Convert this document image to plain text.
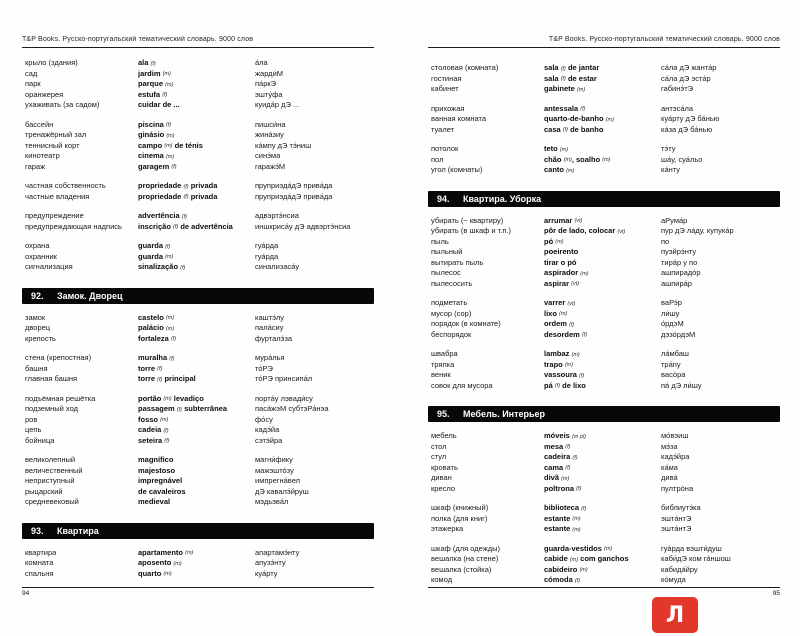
T&P Books. Русско-португальский тематический словарь. 9000 слов
крыло (здания)	ala (f)	а́ла
сад	jardim (m)	жарди́М
парк	parque (m)	па́ркЭ
оранжерея	estufa (f)	эшту́фа
ухаживать (за садом)	cuidar de ...	куида́р дЭ ...
бассейн	piscina (f)	пишси́на
тренажёрный зал	ginásio (m)	жина́зиу
теннисный корт	campo (m) de ténis	ка́мпу дЭ тэ́ниш
кинотеатр	cinema (m)	синэ́ма
гараж	garagem (f)	гаражэ́М
частная собственность	propriedade (f) privada	пруприэда́дЭ прива́да
частные владения	propriedade (f) privada	пруприэда́дЭ прива́да
предупреждение	advertência (f)	адвэртэ́нсиа
предупреждающая надпись	inscrição (f) de advertência	иншкриса́у дЭ адвэртэ́нсиа
охрана	guarda (f)	гуа́рда
охранник	guarda (m)	гуа́рда
сигнализация	sinalização (f)	синализаса́у
92.	Замок. Дворец
замок	castelo (m)	каштэ́лу
дворец	palácio (m)	пала́сиу
крепость	fortaleza (f)	фурталэ́за
стена (крепостная)	muralha (f)	мура́лья
башня	torre (f)	то́РЭ
главная башня	torre (f) principal	то́РЭ принсипа́л
подъёмная решётка	portão (m) levadiço	порта́у лэвади́су
подземный ход	passagem (f) subterrânea	паса́жэМ субтэРа́нэа
ров	fosso (m)	фо́су
цепь	cadeia (f)	кадэ́йа
бойница	seteira (f)	сэтэ́йра
великолепный	magnífico	магни́фику
величественный	majestoso	мажэшто́зу
неприступный	impregnável	импрегна́вел
рыцарский	de cavaleiros	дЭ кавалэ́йруш
средневековый	medieval	мэдьэва́л
93.	Квартира
квартира	apartamento (m)	апартамэ́нту
комната	aposento (m)	апузэ́нту
спальня	quarto (m)	куа́рту
94
T&P Books. Русско-португальский тематический словарь. 9000 слов
столовая (комната)	sala (f) de jantar	са́ла дЭ жанта́р
гостиная	sala (f) de estar	са́ла дЭ эста́р
кабинет	gabinete (m)	габинэ́тЭ
прихожая	antessala (f)	антэса́ла
ванная комната	quarto-de-banho (m)	куа́рту дЭ ба́нью
туалет	casa (f) de banho	ка́за дЭ ба́нью
потолок	teto (m)	тэ́ту
пол	chão (m), soalho (m)	ша́у, суа́льо
угол (комнаты)	canto (m)	ка́нту
94.	Квартира. Уборка
убирать (~ квартиру)	arrumar (vt)	аРума́р
убирать (в шкаф и т.п.)	pôr de lado, colocar (vt)	пур дЭ ла́ду, купука́р
пыль	pó (m)	по
пыльный	poeirento	пуэйрэ́нту
вытирать пыль	tirar o pó	тира́р у по
пылесос	aspirador (m)	ашпирадо́р
пылесосить	aspirar (vt)	ашпира́р
подметать	varrer (vt)	ваРэ́р
мусор (сор)	lixo (m)	ли́шу
порядок (в комнате)	ordem (f)	о́рдэМ
беспорядок	desordem (f)	дэзо́рдэМ
швабра	lambaz (m)	ла́мбаш
тряпка	trapo (m)	тра́пу
веник	vassoura (f)	васо́ра
совок для мусора	pá (f) de lixo	па́ дЭ ли́шу
95.	Мебель. Интерьер
мебель	móveis (m pl)	мо́вэиш
стол	mesa (f)	мэ́за
стул	cadeira (f)	кадэ́йра
кровать	cama (f)	ка́ма
диван	divã (m)	дива́
кресло	poltrona (f)	пултро́на
шкаф (книжный)	biblioteca (f)	библиутэ́ка
полка (для книг)	estante (m)	эшта́нтЭ
этажерка	estante (m)	эшта́нтЭ
шкаф (для одежды)	guarda-vestidos (m)	гуа́рда вэшти́душ
вешалка (на стене)	cabide (m) com ganchos	каби́дЭ ком га́ншош
вешалка (стойка)	cabideiro (m)	кабида́йру
комод	cómoda (f)	ко́муда
95
Л
